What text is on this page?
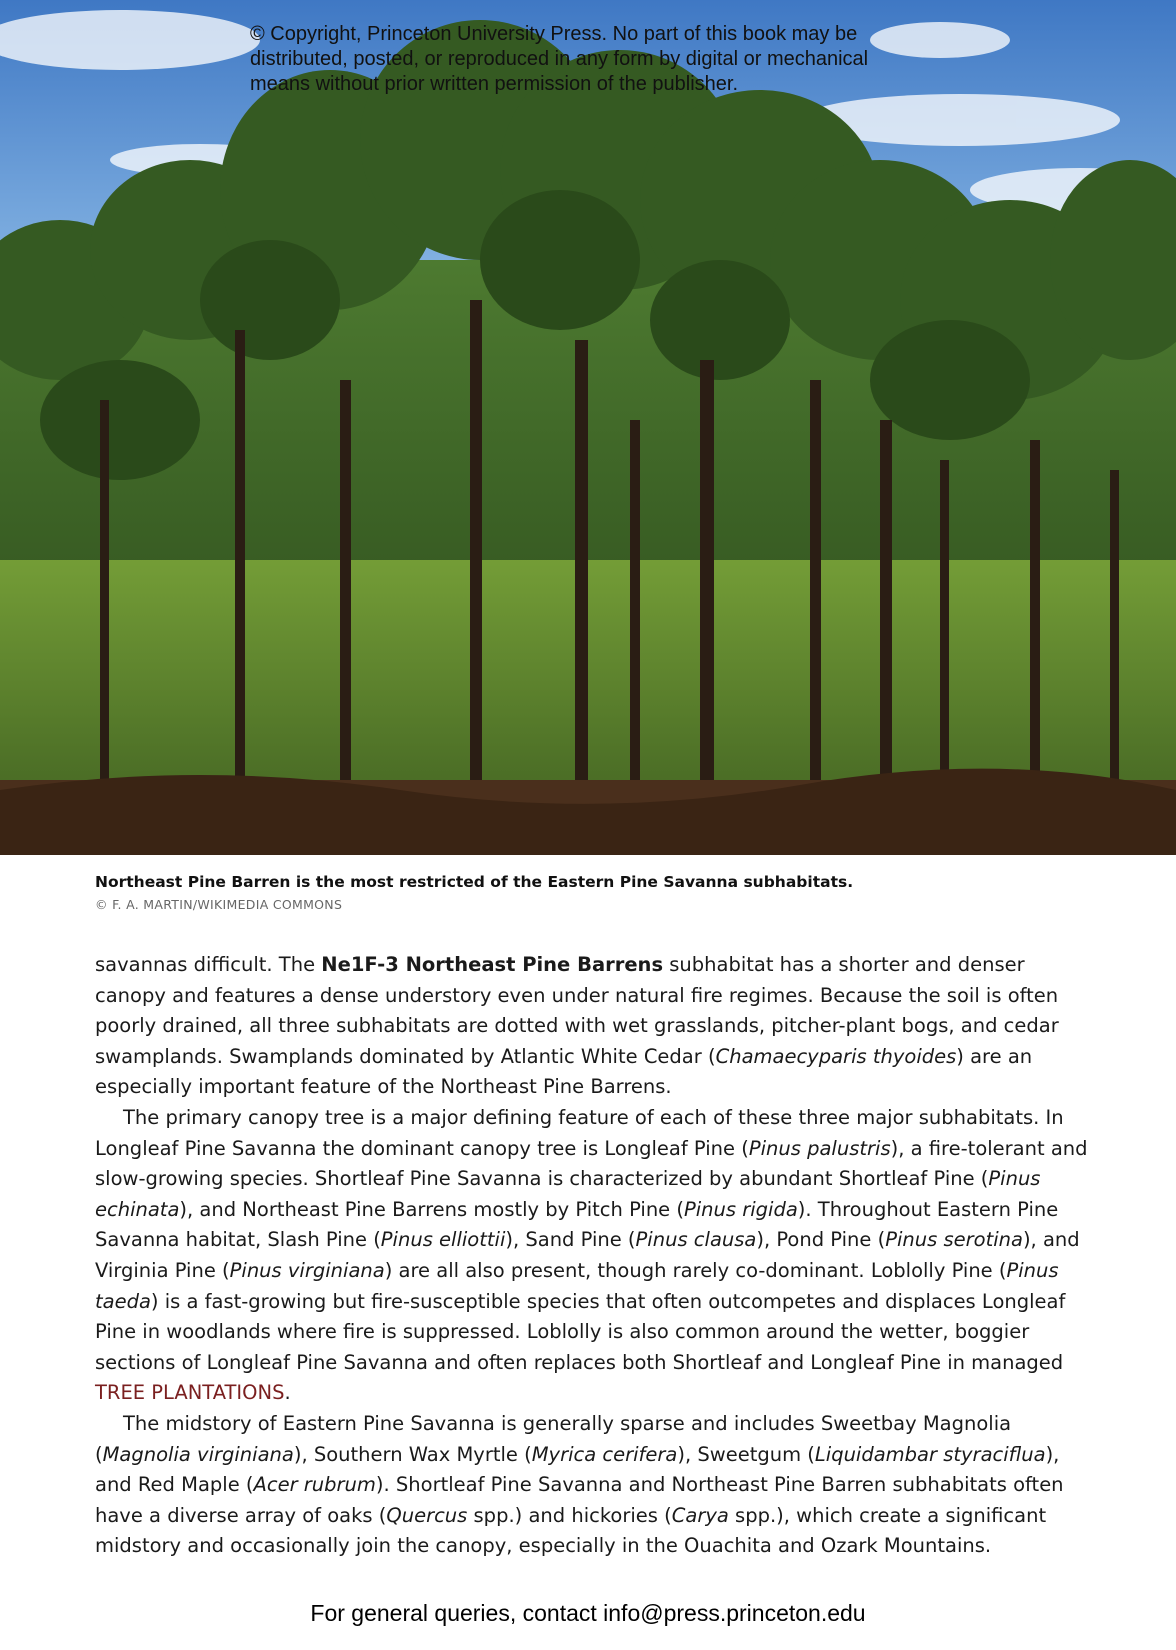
© Copyright, Princeton University Press. No part of this book may be
distributed, posted, or reproduced in any form by digital or mechanical
means without prior written permission of the publisher.
Northeast Pine Barren is the most restricted of the Eastern Pine Savanna subhabitats.
© F. A. MARTIN/WIKIMEDIA COMMONS

savannas difficult. The Ne1F-3 Northeast Pine Barrens subhabitat has a shorter and denser canopy and features a dense understory even under natural fire regimes. Because the soil is often poorly drained, all three subhabitats are dotted with wet grasslands, pitcher-plant bogs, and cedar swamplands. Swamplands dominated by Atlantic White Cedar (Chamaecyparis thyoides) are an especially important feature of the Northeast Pine Barrens.

The primary canopy tree is a major defining feature of each of these three major subhabitats. In Longleaf Pine Savanna the dominant canopy tree is Longleaf Pine (Pinus palustris), a fire-tolerant and slow-growing species. Shortleaf Pine Savanna is characterized by abundant Shortleaf Pine (Pinus echinata), and Northeast Pine Barrens mostly by Pitch Pine (Pinus rigida). Throughout Eastern Pine Savanna habitat, Slash Pine (Pinus elliottii), Sand Pine (Pinus clausa), Pond Pine (Pinus serotina), and Virginia Pine (Pinus virginiana) are all also present, though rarely co-dominant. Loblolly Pine (Pinus taeda) is a fast-growing but fire-susceptible species that often outcompetes and displaces Longleaf Pine in woodlands where fire is suppressed. Loblolly is also common around the wetter, boggier sections of Longleaf Pine Savanna and often replaces both Shortleaf and Longleaf Pine in managed TREE PLANTATIONS.

The midstory of Eastern Pine Savanna is generally sparse and includes Sweetbay Magnolia (Magnolia virginiana), Southern Wax Myrtle (Myrica cerifera), Sweetgum (Liquidambar styraciflua), and Red Maple (Acer rubrum). Shortleaf Pine Savanna and Northeast Pine Barren subhabitats often have a diverse array of oaks (Quercus spp.) and hickories (Carya spp.), which create a significant midstory and occasionally join the canopy, especially in the Ouachita and Ozark Mountains.

For general queries, contact info@press.princeton.edu
